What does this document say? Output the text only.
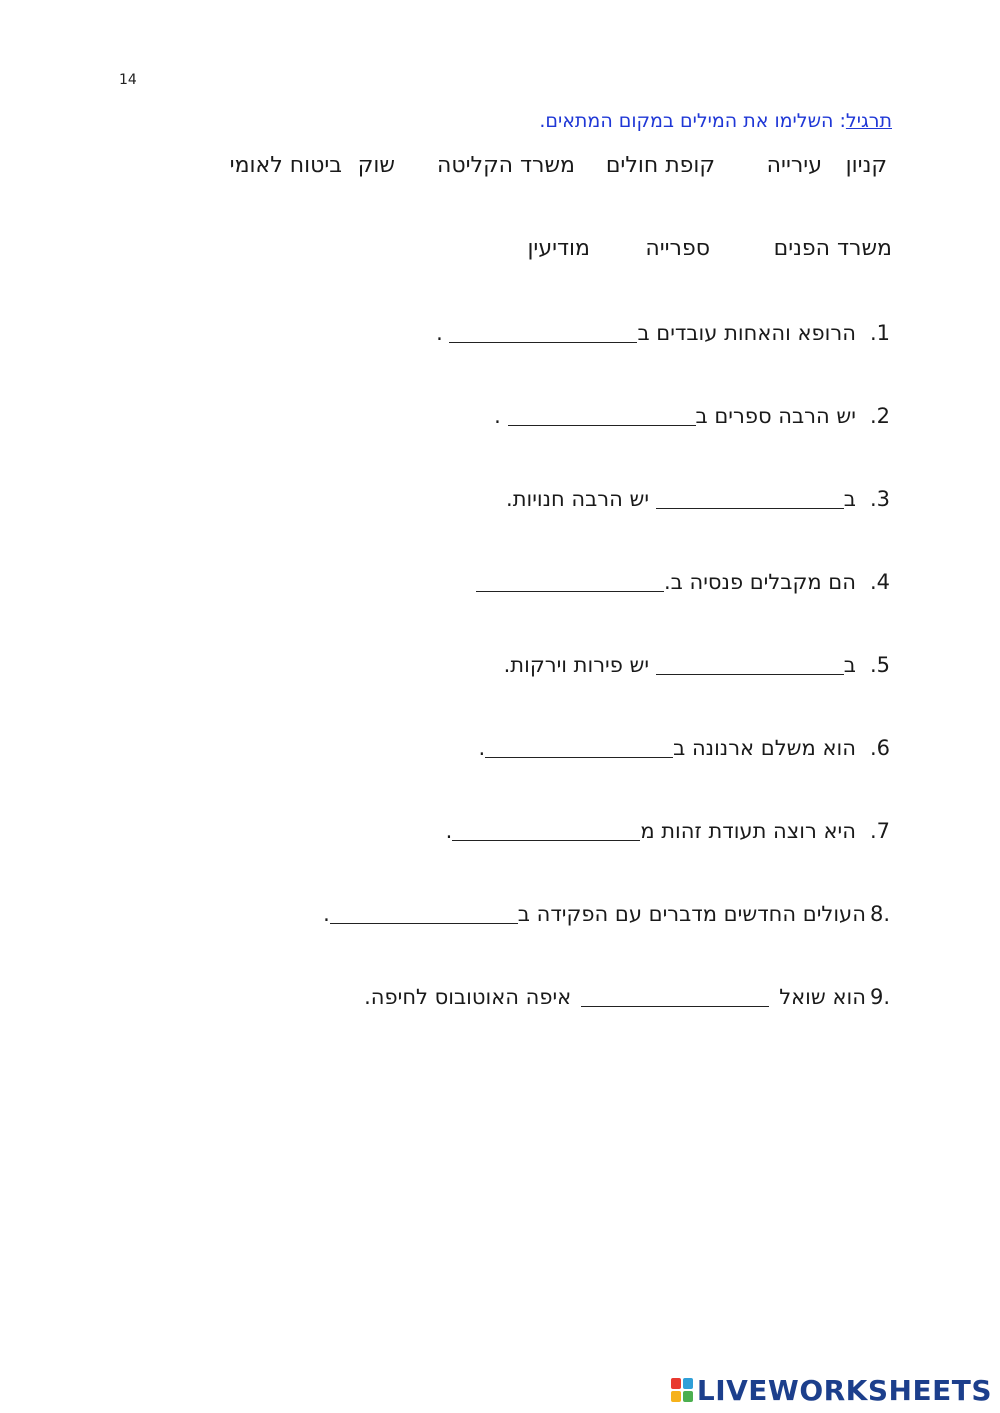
14
תרגיל: השלימו את המילים במקום המתאים.
קניון
עירייה
קופת חולים
משרד הקליטה
שוק
ביטוח לאומי
משרד הפנים
ספרייה
מודיעין
1.הרופא והאחות עובדים ב .
2.יש הרבה ספרים ב .
3.ב יש הרבה חנויות.
4.הם מקבלים פנסיה ב.
5.ב יש פירות וירקות.
6.הוא משלם ארנונה ב.
7.היא רוצה תעודת זהות מ.
.8העולים החדשים מדברים עם הפקידה ב.
.9הוא שואלאיפה האוטובוס לחיפה.
LIVEWORKSHEETS
